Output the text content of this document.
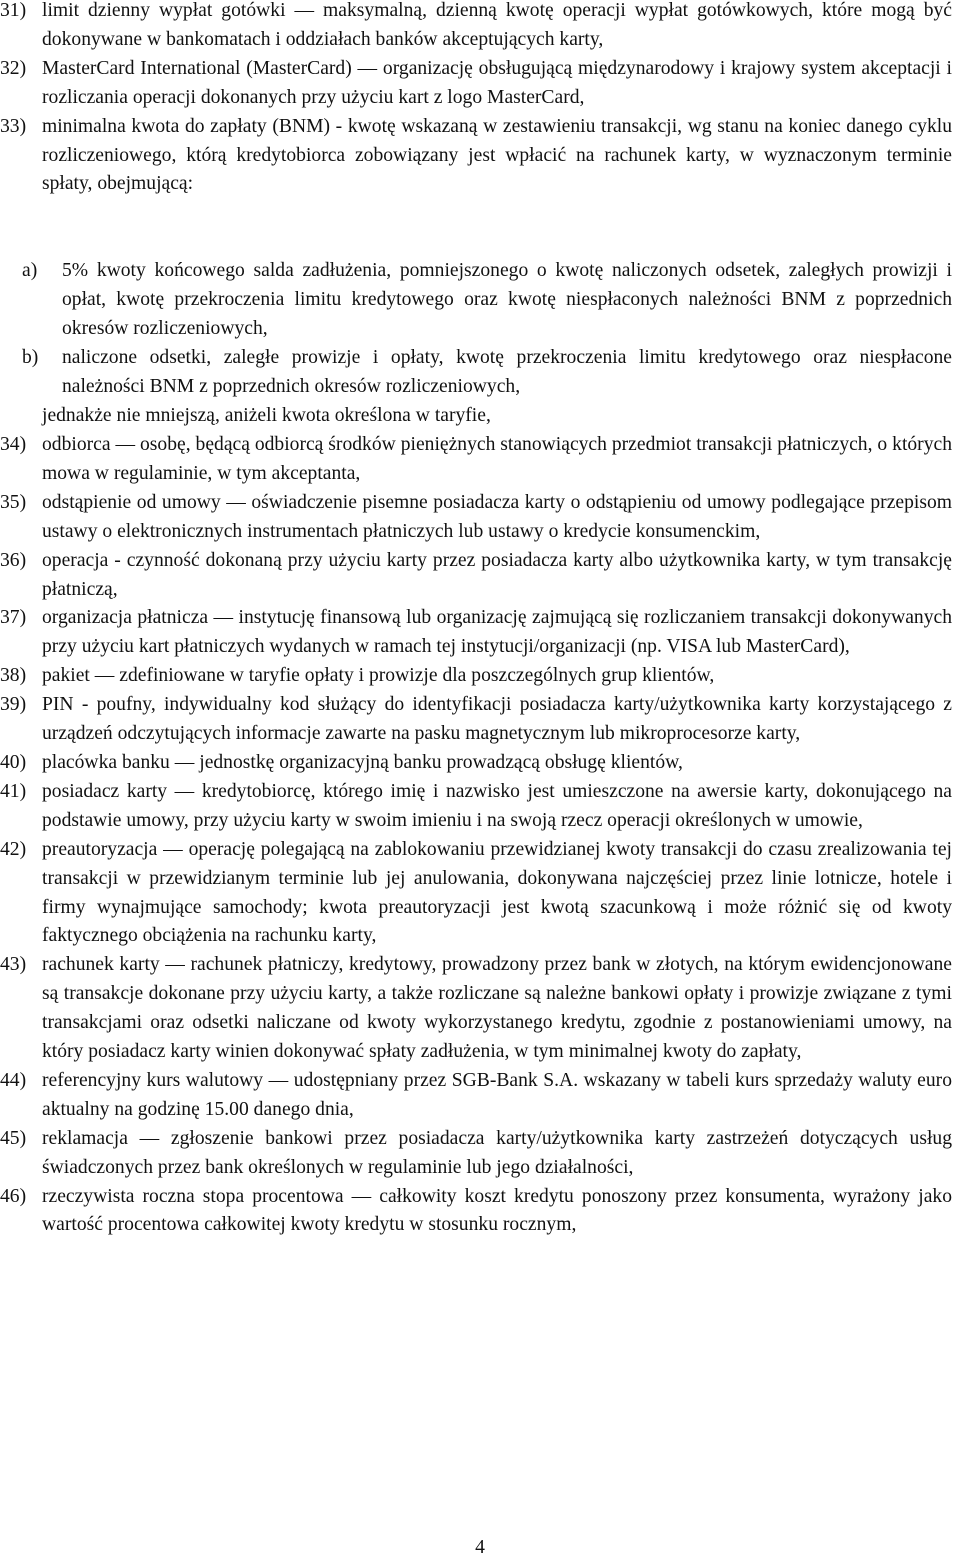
31) limit dzienny wypłat gotówki — maksymalną, dzienną kwotę operacji wypłat gotówkowych, które mogą być dokonywane w bankomatach i oddziałach banków akceptujących karty,
32) MasterCard International (MasterCard) — organizację obsługującą międzynarodowy i krajowy system akceptacji i rozliczania operacji dokonanych przy użyciu kart z logo MasterCard,
33) minimalna kwota do zapłaty (BNM) - kwotę wskazaną w zestawieniu transakcji, wg stanu na koniec danego cyklu rozliczeniowego, którą kredytobiorca zobowiązany jest wpłacić na rachunek karty, w wyznaczonym terminie spłaty, obejmującą:
a) 5% kwoty końcowego salda zadłużenia, pomniejszonego o kwotę naliczonych odsetek, zaległych prowizji i opłat, kwotę przekroczenia limitu kredytowego oraz kwotę niespłaconych należności BNM z poprzednich okresów rozliczeniowych,
b) naliczone odsetki, zaległe prowizje i opłaty, kwotę przekroczenia limitu kredytowego oraz niespłacone należności BNM z poprzednich okresów rozliczeniowych,
jednakże nie mniejszą, aniżeli kwota określona w taryfie,
34) odbiorca — osobę, będącą odbiorcą środków pieniężnych stanowiących przedmiot transakcji płatniczych, o których mowa w regulaminie, w tym akceptanta,
35) odstąpienie od umowy — oświadczenie pisemne posiadacza karty o odstąpieniu od umowy podlegające przepisom ustawy o elektronicznych instrumentach płatniczych lub ustawy o kredycie konsumenckim,
36) operacja - czynność dokonaną przy użyciu karty przez posiadacza karty albo użytkownika karty, w tym transakcję płatniczą,
37) organizacja płatnicza — instytucję finansową lub organizację zajmującą się rozliczaniem transakcji dokonywanych przy użyciu kart płatniczych wydanych w ramach tej instytucji/organizacji (np. VISA lub MasterCard),
38) pakiet — zdefiniowane w taryfie opłaty i prowizje dla poszczególnych grup klientów,
39) PIN - poufny, indywidualny kod służący do identyfikacji posiadacza karty/użytkownika karty korzystającego z urządzeń odczytujących informacje zawarte na pasku magnetycznym lub mikroprocesorze karty,
40) placówka banku — jednostkę organizacyjną banku prowadzącą obsługę klientów,
41) posiadacz karty — kredytobiorcę, którego imię i nazwisko jest umieszczone na awersie karty, dokonującego na podstawie umowy, przy użyciu karty w swoim imieniu i na swoją rzecz operacji określonych w umowie,
42) preautoryzacja — operację polegającą na zablokowaniu przewidzianej kwoty transakcji do czasu zrealizowania tej transakcji w przewidzianym terminie lub jej anulowania, dokonywana najczęściej przez linie lotnicze, hotele i firmy wynajmujące samochody; kwota preautoryzacji jest kwotą szacunkową i może różnić się od kwoty faktycznego obciążenia na rachunku karty,
43) rachunek karty — rachunek płatniczy, kredytowy, prowadzony przez bank w złotych, na którym ewidencjonowane są transakcje dokonane przy użyciu karty, a także rozliczane są należne bankowi opłaty i prowizje związane z tymi transakcjami oraz odsetki naliczane od kwoty wykorzystanego kredytu, zgodnie z postanowieniami umowy, na który posiadacz karty winien dokonywać spłaty zadłużenia, w tym minimalnej kwoty do zapłaty,
44) referencyjny kurs walutowy — udostępniany przez SGB-Bank S.A. wskazany w tabeli kurs sprzedaży waluty euro aktualny na godzinę 15.00 danego dnia,
45) reklamacja — zgłoszenie bankowi przez posiadacza karty/użytkownika karty zastrzeżeń dotyczących usług świadczonych przez bank określonych w regulaminie lub jego działalności,
46) rzeczywista roczna stopa procentowa — całkowity koszt kredytu ponoszony przez konsumenta, wyrażony jako wartość procentowa całkowitej kwoty kredytu w stosunku rocznym,
4
